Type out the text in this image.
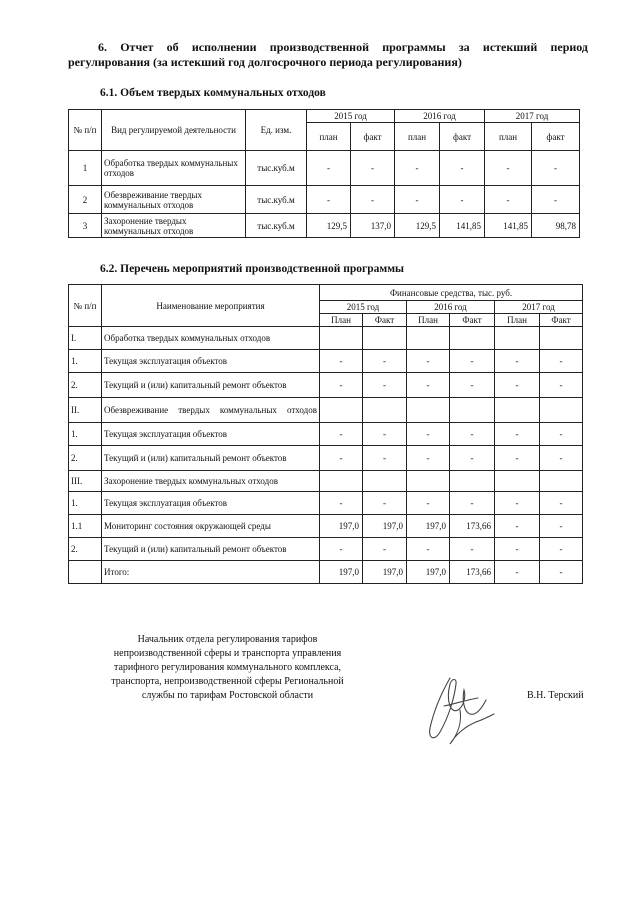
6. Отчет об исполнении производственной программы за истекший период регулирования (за истекший год долгосрочного периода регулирования)
6.1. Объем твердых коммунальных отходов
№ п/п	Вид регулируемой деятельности	Ед. изм.	2015 год		2016 год		2017 год	
			план	факт	план	факт	план	факт
1	Обработка твердых коммунальных отходов	тыс.куб.м	-	-	-	-	-	-
2	Обезвреживание твердых коммунальных отходов	тыс.куб.м	-	-	-	-	-	-
3	Захоронение твердых коммунальных отходов	тыс.куб.м	129,5	137,0	129,5	141,85	141,85	98,78
6.2. Перечень мероприятий производственной программы
№ п/п	Наименование мероприятия	Финансовые средства, тыс. руб.					
		2015 год		2016 год		2017 год	
		План	Факт	План	Факт	План	Факт
I.	Обработка твердых коммунальных отходов						
1.	Текущая эксплуатация объектов	-	-	-	-	-	-
2.	Текущий и (или) капитальный ремонт объектов	-	-	-	-	-	-
II.	Обезвреживание твердых коммунальных отходов						
1.	Текущая эксплуатация объектов	-	-	-	-	-	-
2.	Текущий и (или) капитальный ремонт объектов	-	-	-	-	-	-
III.	Захоронение твердых коммунальных отходов						
1.	Текущая эксплуатация объектов	-	-	-	-	-	-
1.1	Мониторинг состояния окружающей среды	197,0	197,0	197,0	173,66	-	-
2.	Текущий и (или) капитальный ремонт объектов	-	-	-	-	-	-
	Итого:	197,0	197,0	197,0	173,66	-	-
Начальник отдела регулирования тарифов
непроизводственной сферы и транспорта управления
тарифного регулирования коммунального комплекса,
транспорта, непроизводственной сферы Региональной
службы по тарифам Ростовской области	В.Н. Терский
